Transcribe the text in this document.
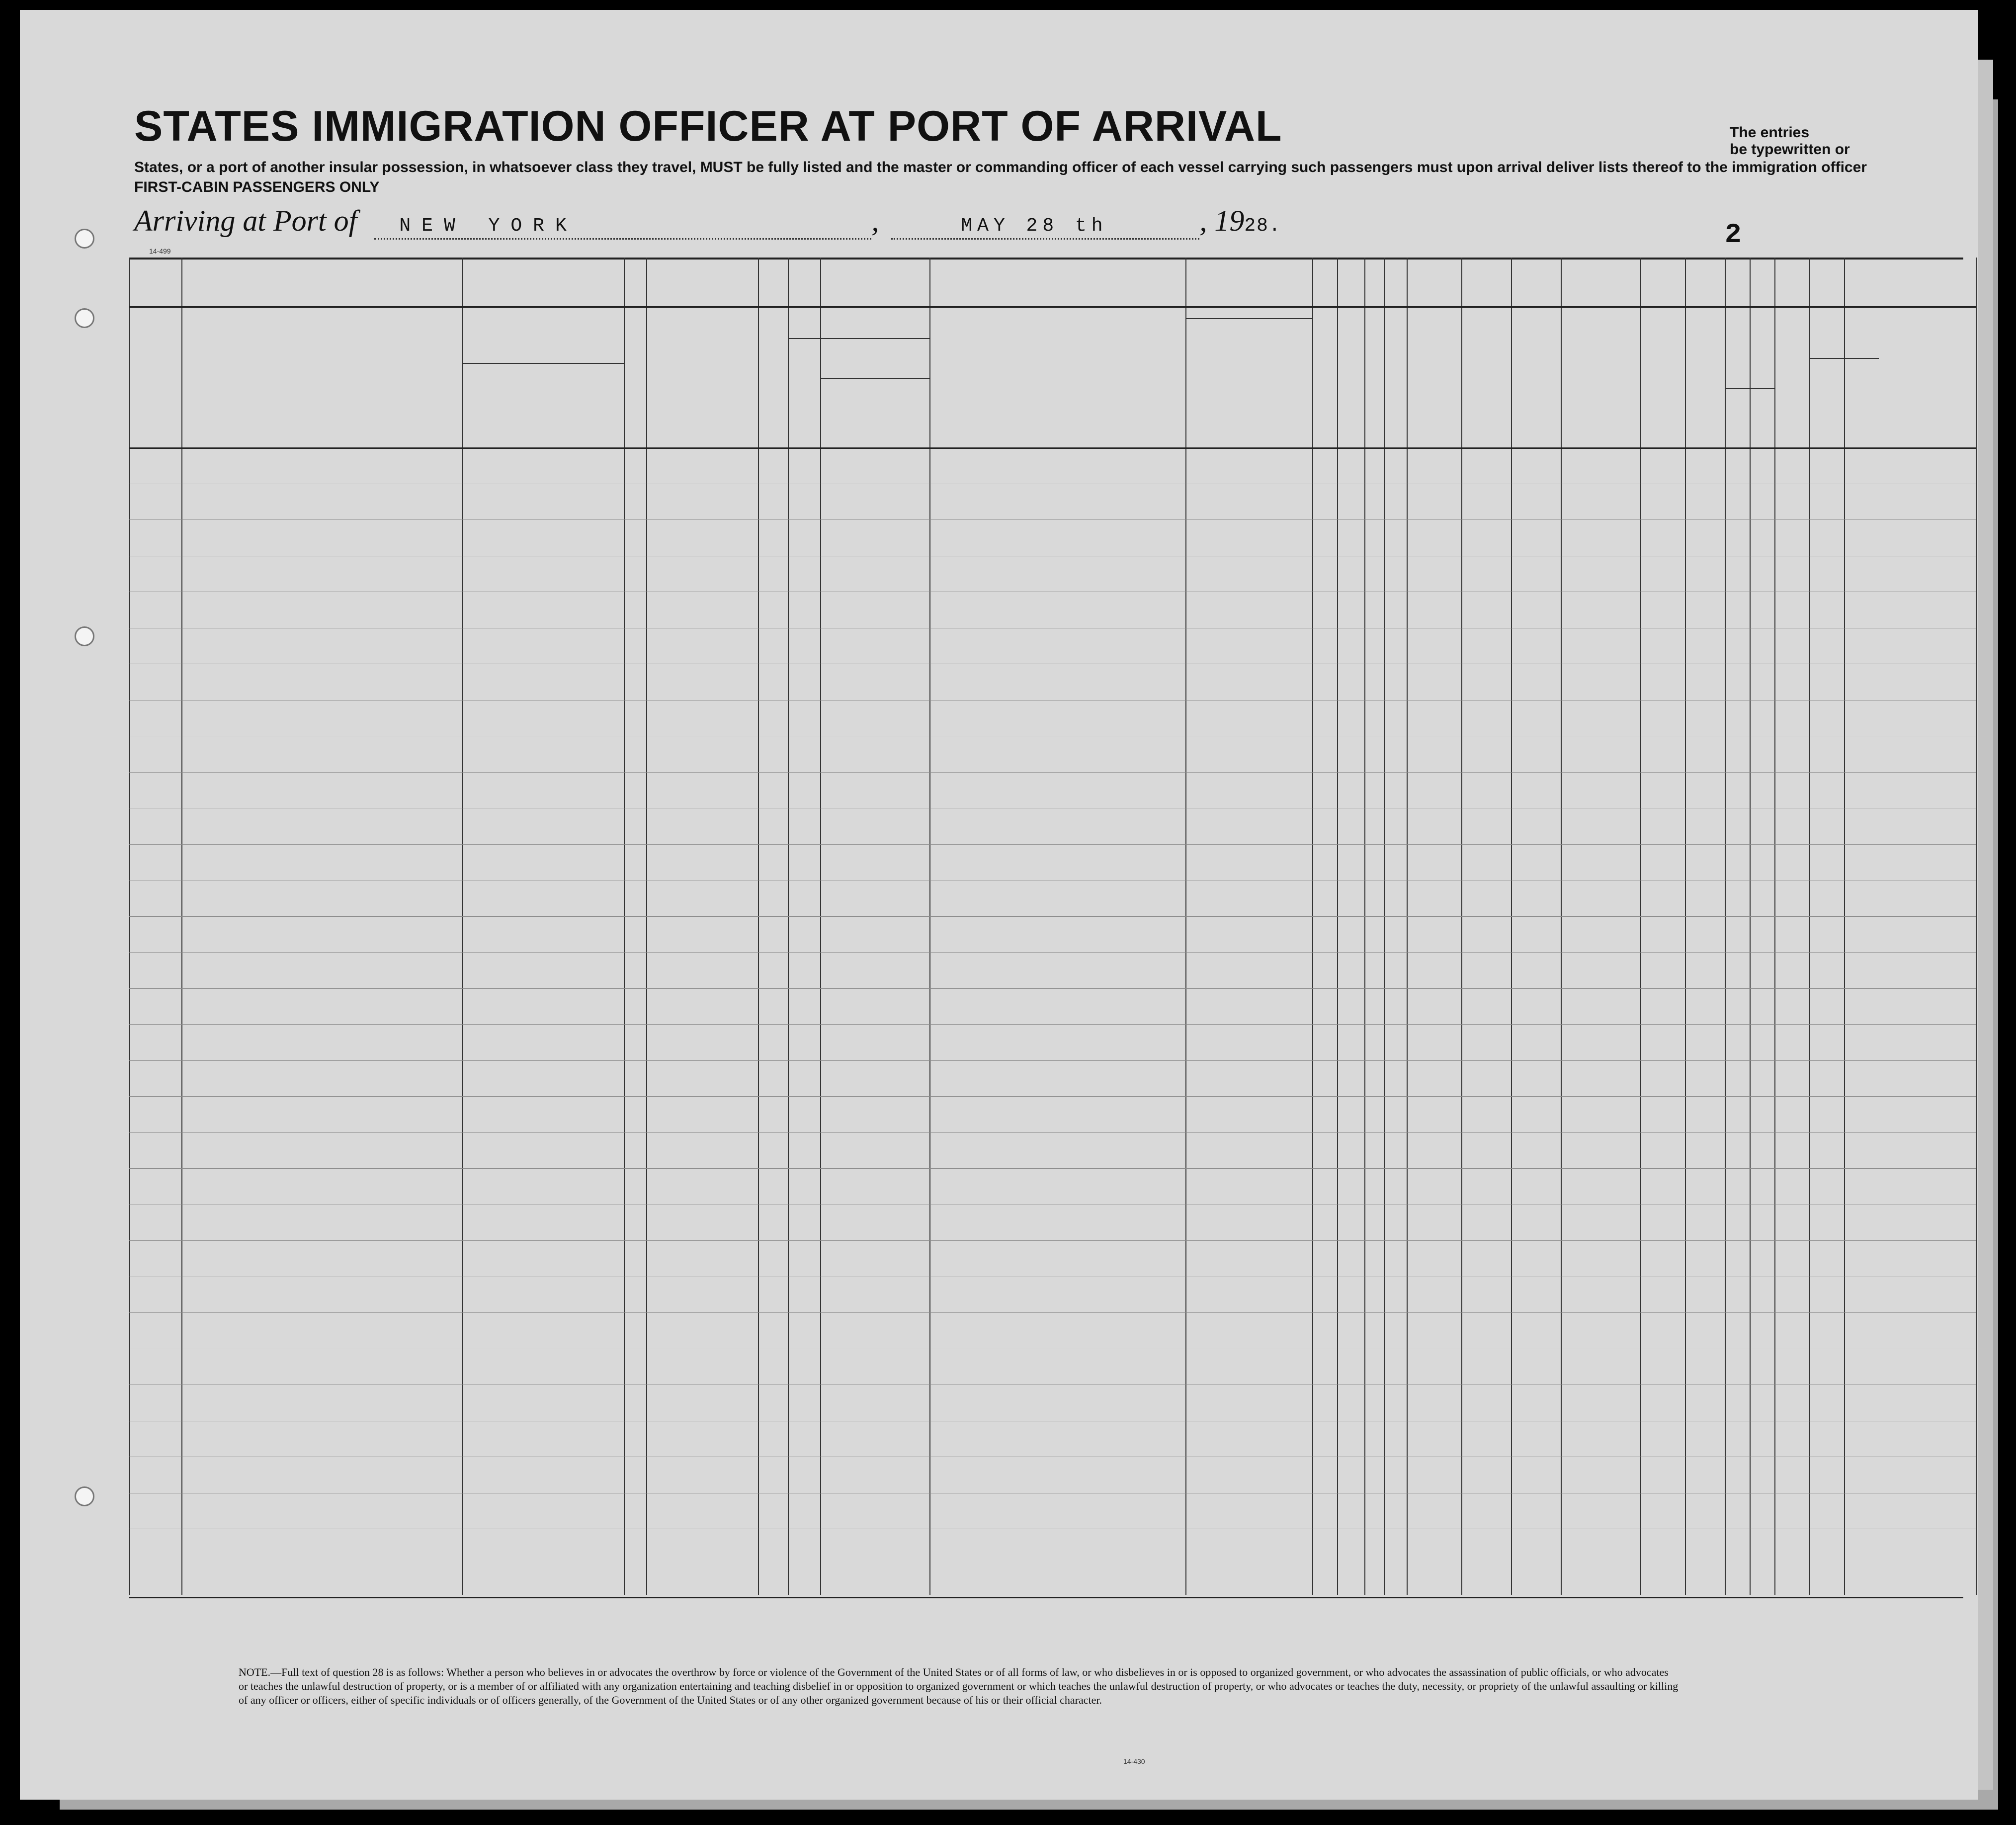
STATES IMMIGRATION OFFICER AT PORT OF ARRIVAL
States, or a port of another insular possession, in whatsoever class they travel, MUST be fully listed and the master or commanding officer of each vessel carrying such passengers must upon arrival deliver lists thereof to the immigration officer
FIRST-CABIN PASSENGERS ONLY
The entries
be typewritten or
Arriving at Port of NEW YORK	,	MAY 28 th	, 1928.	2
14-499
NOTE.—Full text of question 28 is as follows: Whether a person who believes in or advocates the overthrow by force or violence of the Government of the United States or of all forms of law, or who disbelieves in or is opposed to organized government, or who advocates the assassination of public officials, or who advocates or teaches the unlawful destruction of property, or is a member of or affiliated with any organization entertaining and teaching disbelief in or opposition to organized government or which teaches the unlawful destruction of property, or who advocates or teaches the duty, necessity, or propriety of the unlawful assaulting or killing of any officer or officers, either of specific individuals or of officers generally, of the Government of the United States or of any other organized government because of his or their official character.
14-430
